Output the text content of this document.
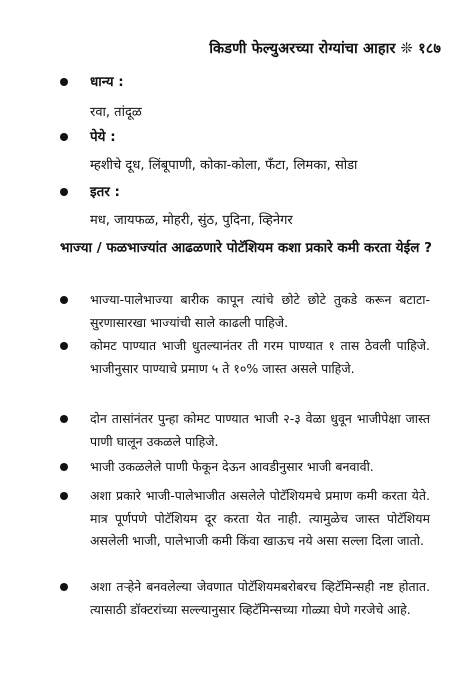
किडणी फेल्युअरच्या रोग्यांचा आहार ❊ १८७
धान्य :
रवा, तांदूळ
पेये :
म्हशीचे दूध, लिंबूपाणी, कोका-कोला, फँटा, लिमका, सोडा
इतर :
मध, जायफळ, मोहरी, सुंठ, पुदिना, व्हिनेगर
भाज्या / फळभाज्यांत आढळणारे पोटॅशियम कशा प्रकारे कमी करता येईल ?
भाज्या-पालेभाज्या बारीक कापून त्यांचे छोटे छोटे तुकडे करून बटाटा-सुरणासारखा भाज्यांची साले काढली पाहिजे.
कोमट पाण्यात भाजी धुतल्यानंतर ती गरम पाण्यात १ तास ठेवली पाहिजे. भाजीनुसार पाण्याचे प्रमाण ५ ते १०% जास्त असले पाहिजे.
दोन तासांनंतर पुन्हा कोमट पाण्यात भाजी २-३ वेळा धुवून भाजीपेक्षा जास्त पाणी घालून उकळले पाहिजे.
भाजी उकळलेले पाणी फेकून देऊन आवडीनुसार भाजी बनवावी.
अशा प्रकारे भाजी-पालेभाजीत असलेले पोटॅशियमचे प्रमाण कमी करता येते. मात्र पूर्णपणे पोटॅशियम दूर करता येत नाही. त्यामुळेच जास्त पोटॅशियम असलेली भाजी, पालेभाजी कमी किंवा खाऊच नये असा सल्ला दिला जातो.
अशा तऱ्हेने बनवलेल्या जेवणात पोटॅशियमबरोबरच व्हिटॅमिन्सही नष्ट होतात. त्यासाठी डॉक्टरांच्या सल्ल्यानुसार व्हिटॅमिन्सच्या गोळ्या घेणे गरजेचे आहे.
